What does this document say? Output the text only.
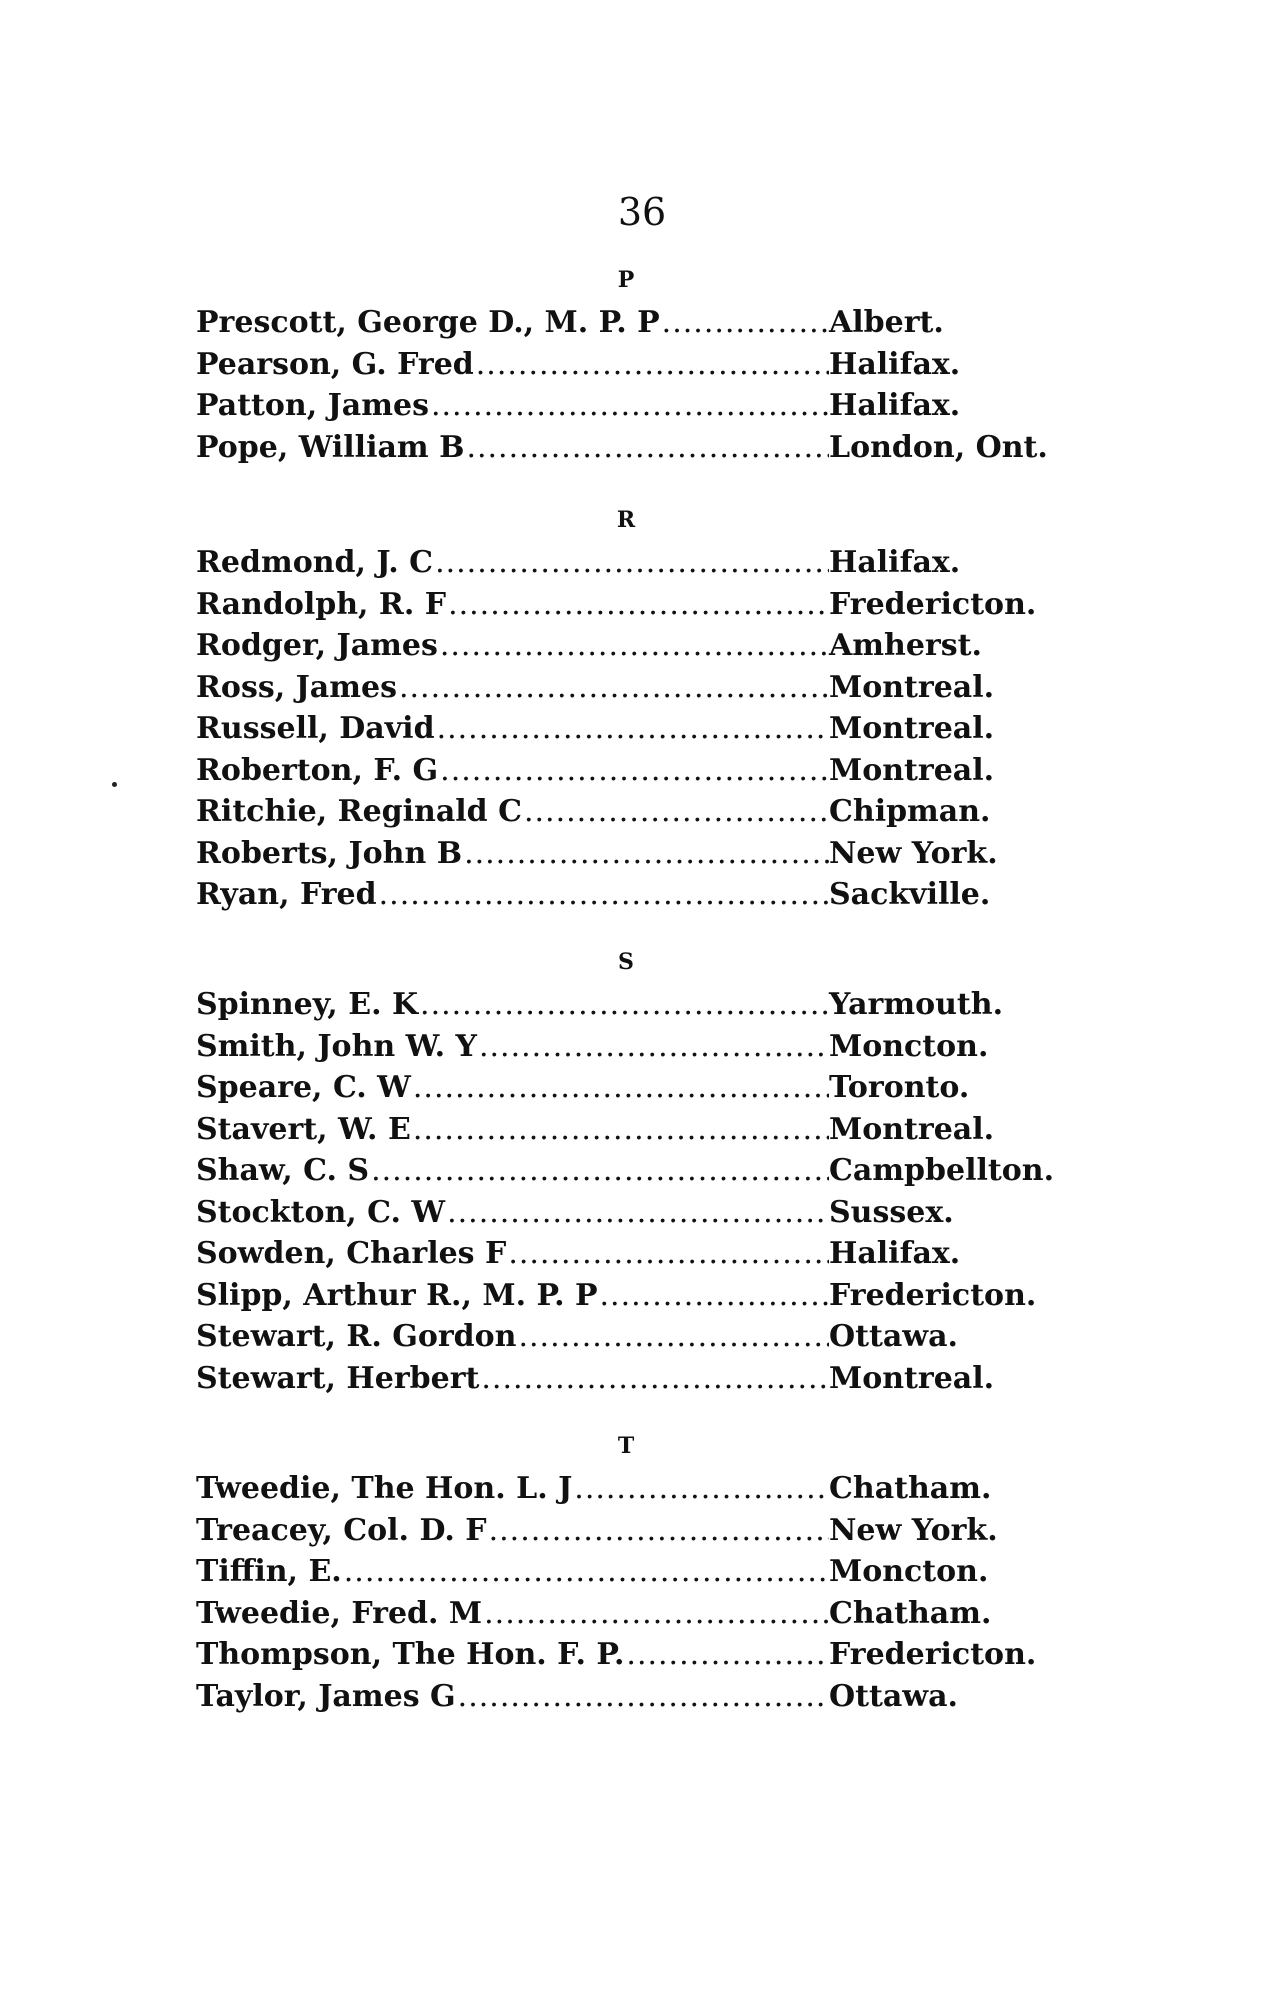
36
P
Prescott, George D., M. P. P .....	Albert.
Pearson, G. Fred .....	Halifax.
Patton, James .....	Halifax.
Pope, William B .....	London, Ont.
R
Redmond, J. C .....	Halifax.
Randolph, R. F .....	Fredericton.
Rodger, James .....	Amherst.
Ross, James .....	Montreal.
Russell, David .....	Montreal.
Roberton, F. G .....	Montreal.
Ritchie, Reginald C .....	Chipman.
Roberts, John B .....	New York.
Ryan, Fred .....	Sackville.
S
Spinney, E. K .....	Yarmouth.
Smith, John W. Y .....	Moncton.
Speare, C. W .....	Toronto.
Stavert, W. E .....	Montreal.
Shaw, C. S .....	Campbellton.
Stockton, C. W .....	Sussex.
Sowden, Charles F .....	Halifax.
Slipp, Arthur R., M. P. P .....	Fredericton.
Stewart, R. Gordon .....	Ottawa.
Stewart, Herbert .....	Montreal.
T
Tweedie, The Hon. L. J .....	Chatham.
Treacey, Col. D. F .....	New York.
Tiffin, E. .....	Moncton.
Tweedie, Fred. M .....	Chatham.
Thompson, The Hon. F. P. .....	Fredericton.
Taylor, James G .....	Ottawa.
